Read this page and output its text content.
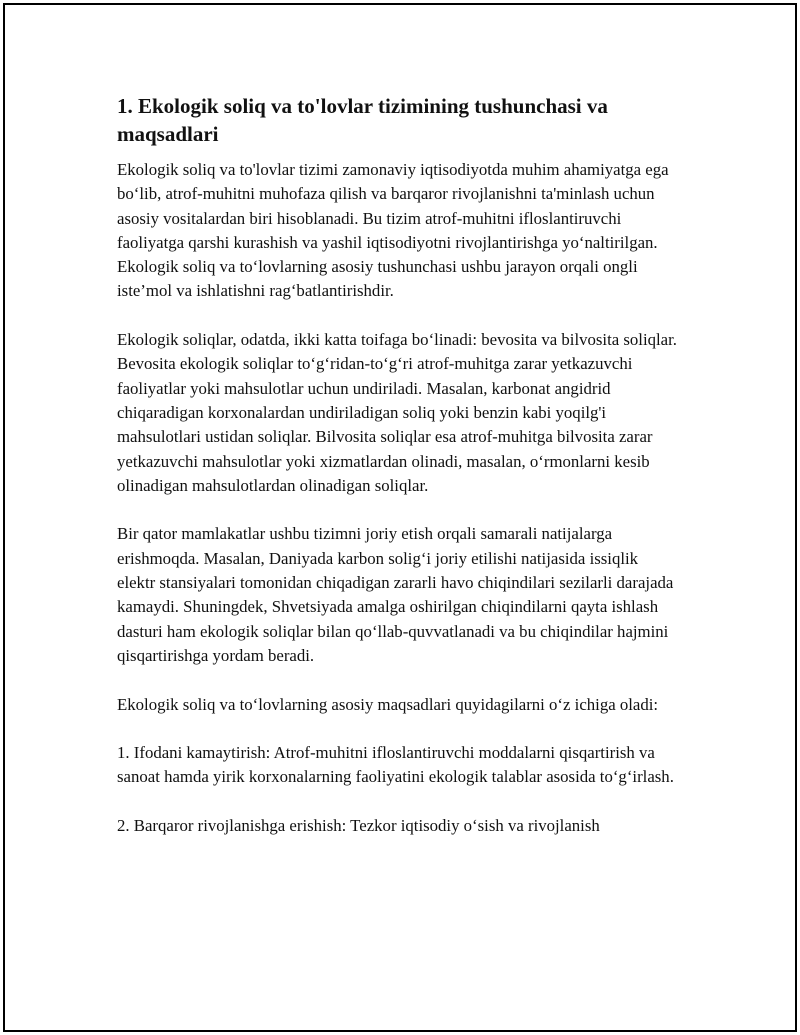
1. Ekologik soliq va to'lovlar tizimining tushunchasi va maqsadlari

Ekologik soliq va to'lovlar tizimi zamonaviy iqtisodiyotda muhim ahamiyatga ega bo‘lib, atrof-muhitni muhofaza qilish va barqaror rivojlanishni ta'minlash uchun asosiy vositalardan biri hisoblanadi. Bu tizim atrof-muhitni ifloslantiruvchi faoliyatga qarshi kurashish va yashil iqtisodiyotni rivojlantirishga yo‘naltirilgan. Ekologik soliq va to‘lovlarning asosiy tushunchasi ushbu jarayon orqali ongli iste’mol va ishlatishni rag‘batlantirishdir.

Ekologik soliqlar, odatda, ikki katta toifaga bo‘linadi: bevosita va bilvosita soliqlar. Bevosita ekologik soliqlar to‘g‘ridan-to‘g‘ri atrof-muhitga zarar yetkazuvchi faoliyatlar yoki mahsulotlar uchun undiriladi. Masalan, karbonat angidrid chiqaradigan korxonalardan undiriladigan soliq yoki benzin kabi yoqilg'i mahsulotlari ustidan soliqlar. Bilvosita soliqlar esa atrof-muhitga bilvosita zarar yetkazuvchi mahsulotlar yoki xizmatlardan olinadi, masalan, o‘rmonlarni kesib olinadigan mahsulotlardan olinadigan soliqlar.

Bir qator mamlakatlar ushbu tizimni joriy etish orqali samarali natijalarga erishmoqda. Masalan, Daniyada karbon solig‘i joriy etilishi natijasida issiqlik elektr stansiyalari tomonidan chiqadigan zararli havo chiqindilari sezilarli darajada kamaydi. Shuningdek, Shvetsiyada amalga oshirilgan chiqindilarni qayta ishlash dasturi ham ekologik soliqlar bilan qo‘llab-quvvatlanadi va bu chiqindilar hajmini qisqartirishga yordam beradi.

Ekologik soliq va to‘lovlarning asosiy maqsadlari quyidagilarni o‘z ichiga oladi:

1. Ifodani kamaytirish: Atrof-muhitni ifloslantiruvchi moddalarni qisqartirish va sanoat hamda yirik korxonalarning faoliyatini ekologik talablar asosida to‘g‘irlash.

2. Barqaror rivojlanishga erishish: Tezkor iqtisodiy o‘sish va rivojlanish
